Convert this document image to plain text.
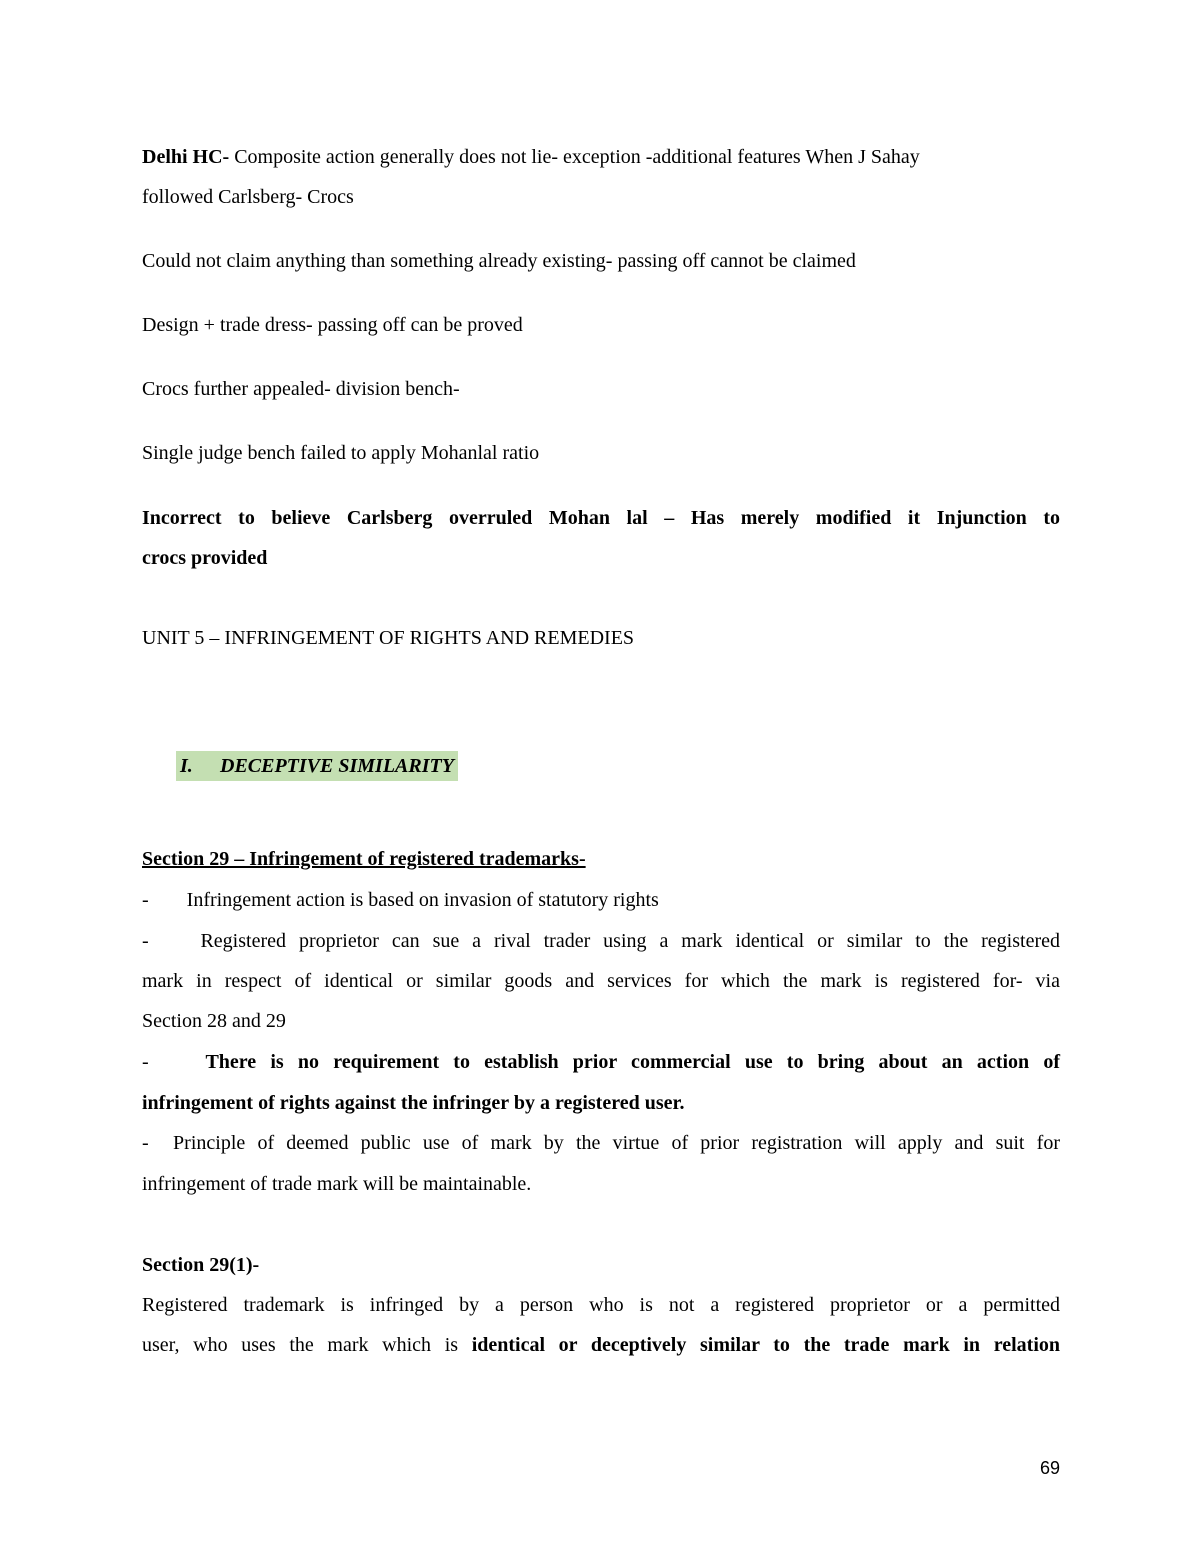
Delhi HC- Composite action generally does not lie- exception -additional features When J Sahay
followed Carlsberg- Crocs
Could not claim anything than something already existing- passing off cannot be claimed
Design + trade dress- passing off can be proved
Crocs further appealed- division bench-
Single judge bench failed to apply Mohanlal ratio
Incorrect to believe Carlsberg overruled Mohan lal – Has merely modified it Injunction to
crocs provided
UNIT 5 – INFRINGEMENT OF RIGHTS AND REMEDIES
I. DECEPTIVE SIMILARITY
Section 29 – Infringement of registered trademarks-
- Infringement action is based on invasion of statutory rights
-	Registered proprietor can sue a rival trader using a mark identical or similar to the registered
mark in respect of identical or similar goods and services for which the mark is registered for- via
Section 28 and 29
-	There is no requirement to establish prior commercial use to bring about an action of
infringement of rights against the infringer by a registered user.
- Principle of deemed public use of mark by the virtue of prior registration will apply and suit for
infringement of trade mark will be maintainable.
Section 29(1)-
Registered trademark is infringed by a person who is not a registered proprietor or a permitted
user, who uses the mark which is identical or deceptively similar to the trade mark in relation
69
